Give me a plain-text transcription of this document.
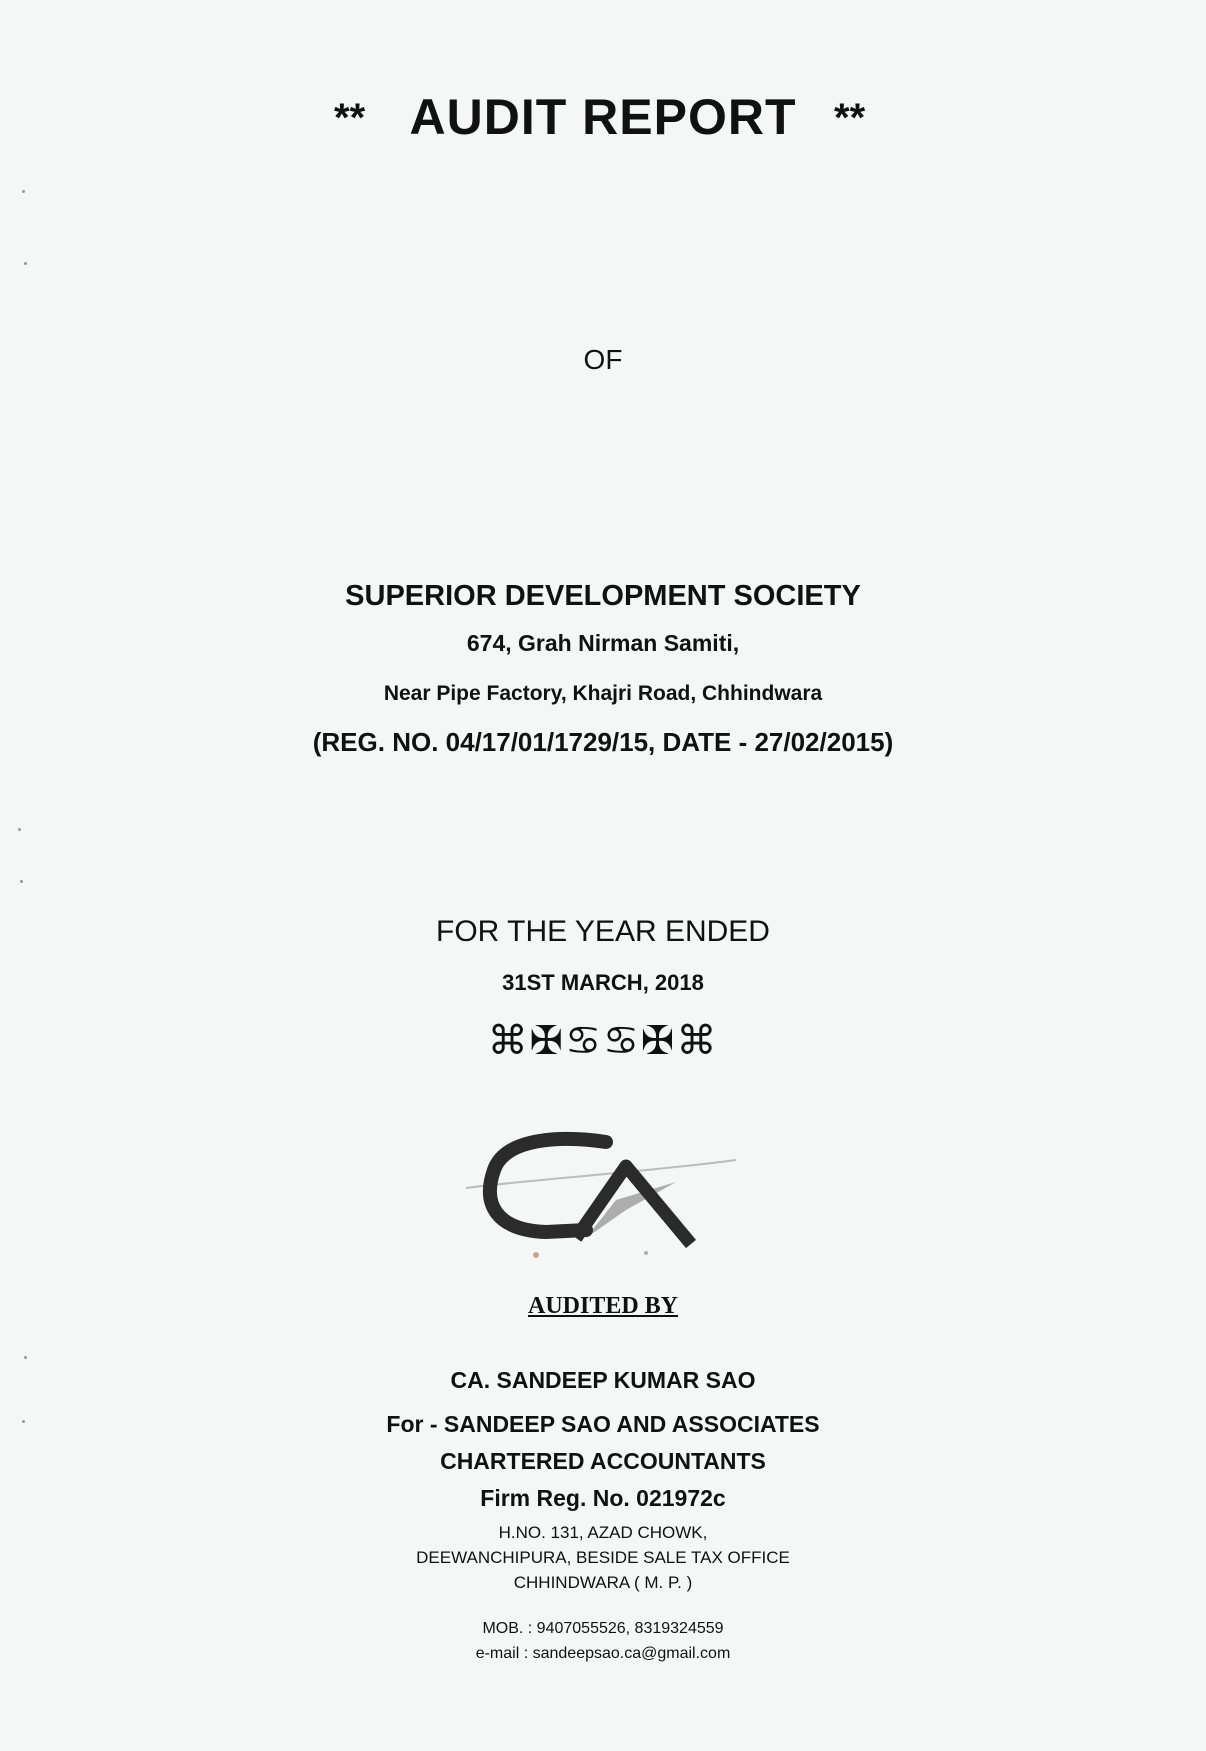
** AUDIT REPORT **
OF
SUPERIOR DEVELOPMENT SOCIETY
674, Grah Nirman Samiti,
Near Pipe Factory, Khajri Road, Chhindwara
(REG. NO. 04/17/01/1729/15, DATE - 27/02/2015)
FOR THE YEAR ENDED
31ST MARCH, 2018
⌘✠♋♋✠⌘
AUDITED BY
CA. SANDEEP KUMAR SAO
For - SANDEEP SAO AND ASSOCIATES
CHARTERED ACCOUNTANTS
Firm Reg. No. 021972c
H.NO. 131, AZAD CHOWK,
DEEWANCHIPURA, BESIDE SALE TAX OFFICE
CHHINDWARA ( M. P. )
MOB. : 9407055526, 8319324559
e-mail : sandeepsao.ca@gmail.com
